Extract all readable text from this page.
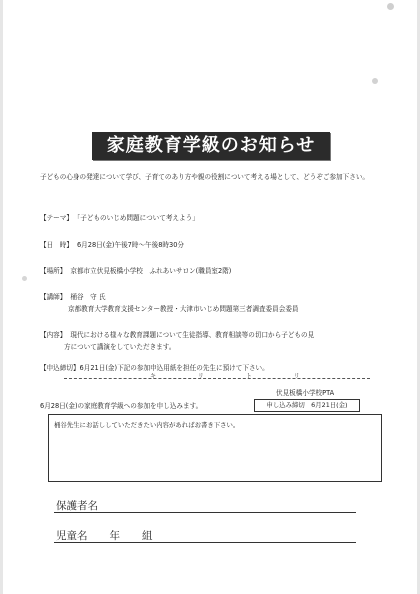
家庭教育学級のお知らせ
子どもの心身の発達について学び、子育てのあり方や親の役割について考える場として、どうぞご参加下さい。
【テーマ】 「子どものいじめ問題について考えよう」
【日　時】 6月28日(金)午後7時～午後8時30分
【場所】 京都市立伏見板橋小学校　ふれあいサロン(職員室2階)
【講師】 桶谷　守 氏
京都教育大学教育支援センター教授・大津市いじめ問題第三者調査委員会委員
【内容】 現代における様々な教育課題について生徒指導、教育相談等の切口から子どもの見
方について講演をしていただきます。
【申込締切】6月21日(金)下記の参加申込用紙を担任の先生に預けて下さい。
キ リ ト リ
伏見板橋小学校PTA
6月28日(金)の家庭教育学級への参加を申し込みます。	申し込み締切　6月21日(金)
桶谷先生にお話ししていただきたい内容があればお書き下さい。
保護者名
児童名 年 組
